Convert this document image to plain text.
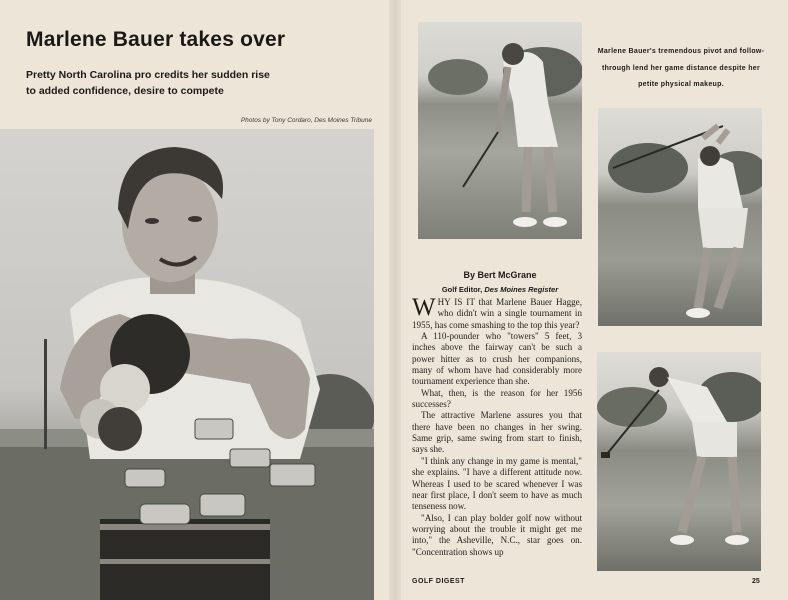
Marlene Bauer takes over
Pretty North Carolina pro credits her sudden rise to added confidence, desire to compete
Photos by Tony Cordaro, Des Moines Tribune
Marlene Bauer's tremendous pivot and follow-through lend her game distance despite her petite physical makeup.
By Bert McGrane
Golf Editor, Des Moines Register

WHY IS IT that Marlene Bauer Hagge, who didn't win a single tournament in 1955, has come smashing to the top this year?

A 110-pounder who "towers" 5 feet, 3 inches above the fairway can't be such a power hitter as to crush her companions, many of whom have had considerably more tournament experience than she.

What, then, is the reason for her 1956 successes?

The attractive Marlene assures you that there have been no changes in her swing. Same grip, same swing from start to finish, says she.

"I think any change in my game is mental," she explains. "I have a different attitude now. Whereas I used to be scared whenever I was near first place, I don't seem to have as much tenseness now.

"Also, I can play bolder golf now without worrying about the trouble it might get me into," the Asheville, N.C., star goes on. "Concentration shows up

GOLF DIGEST	25
